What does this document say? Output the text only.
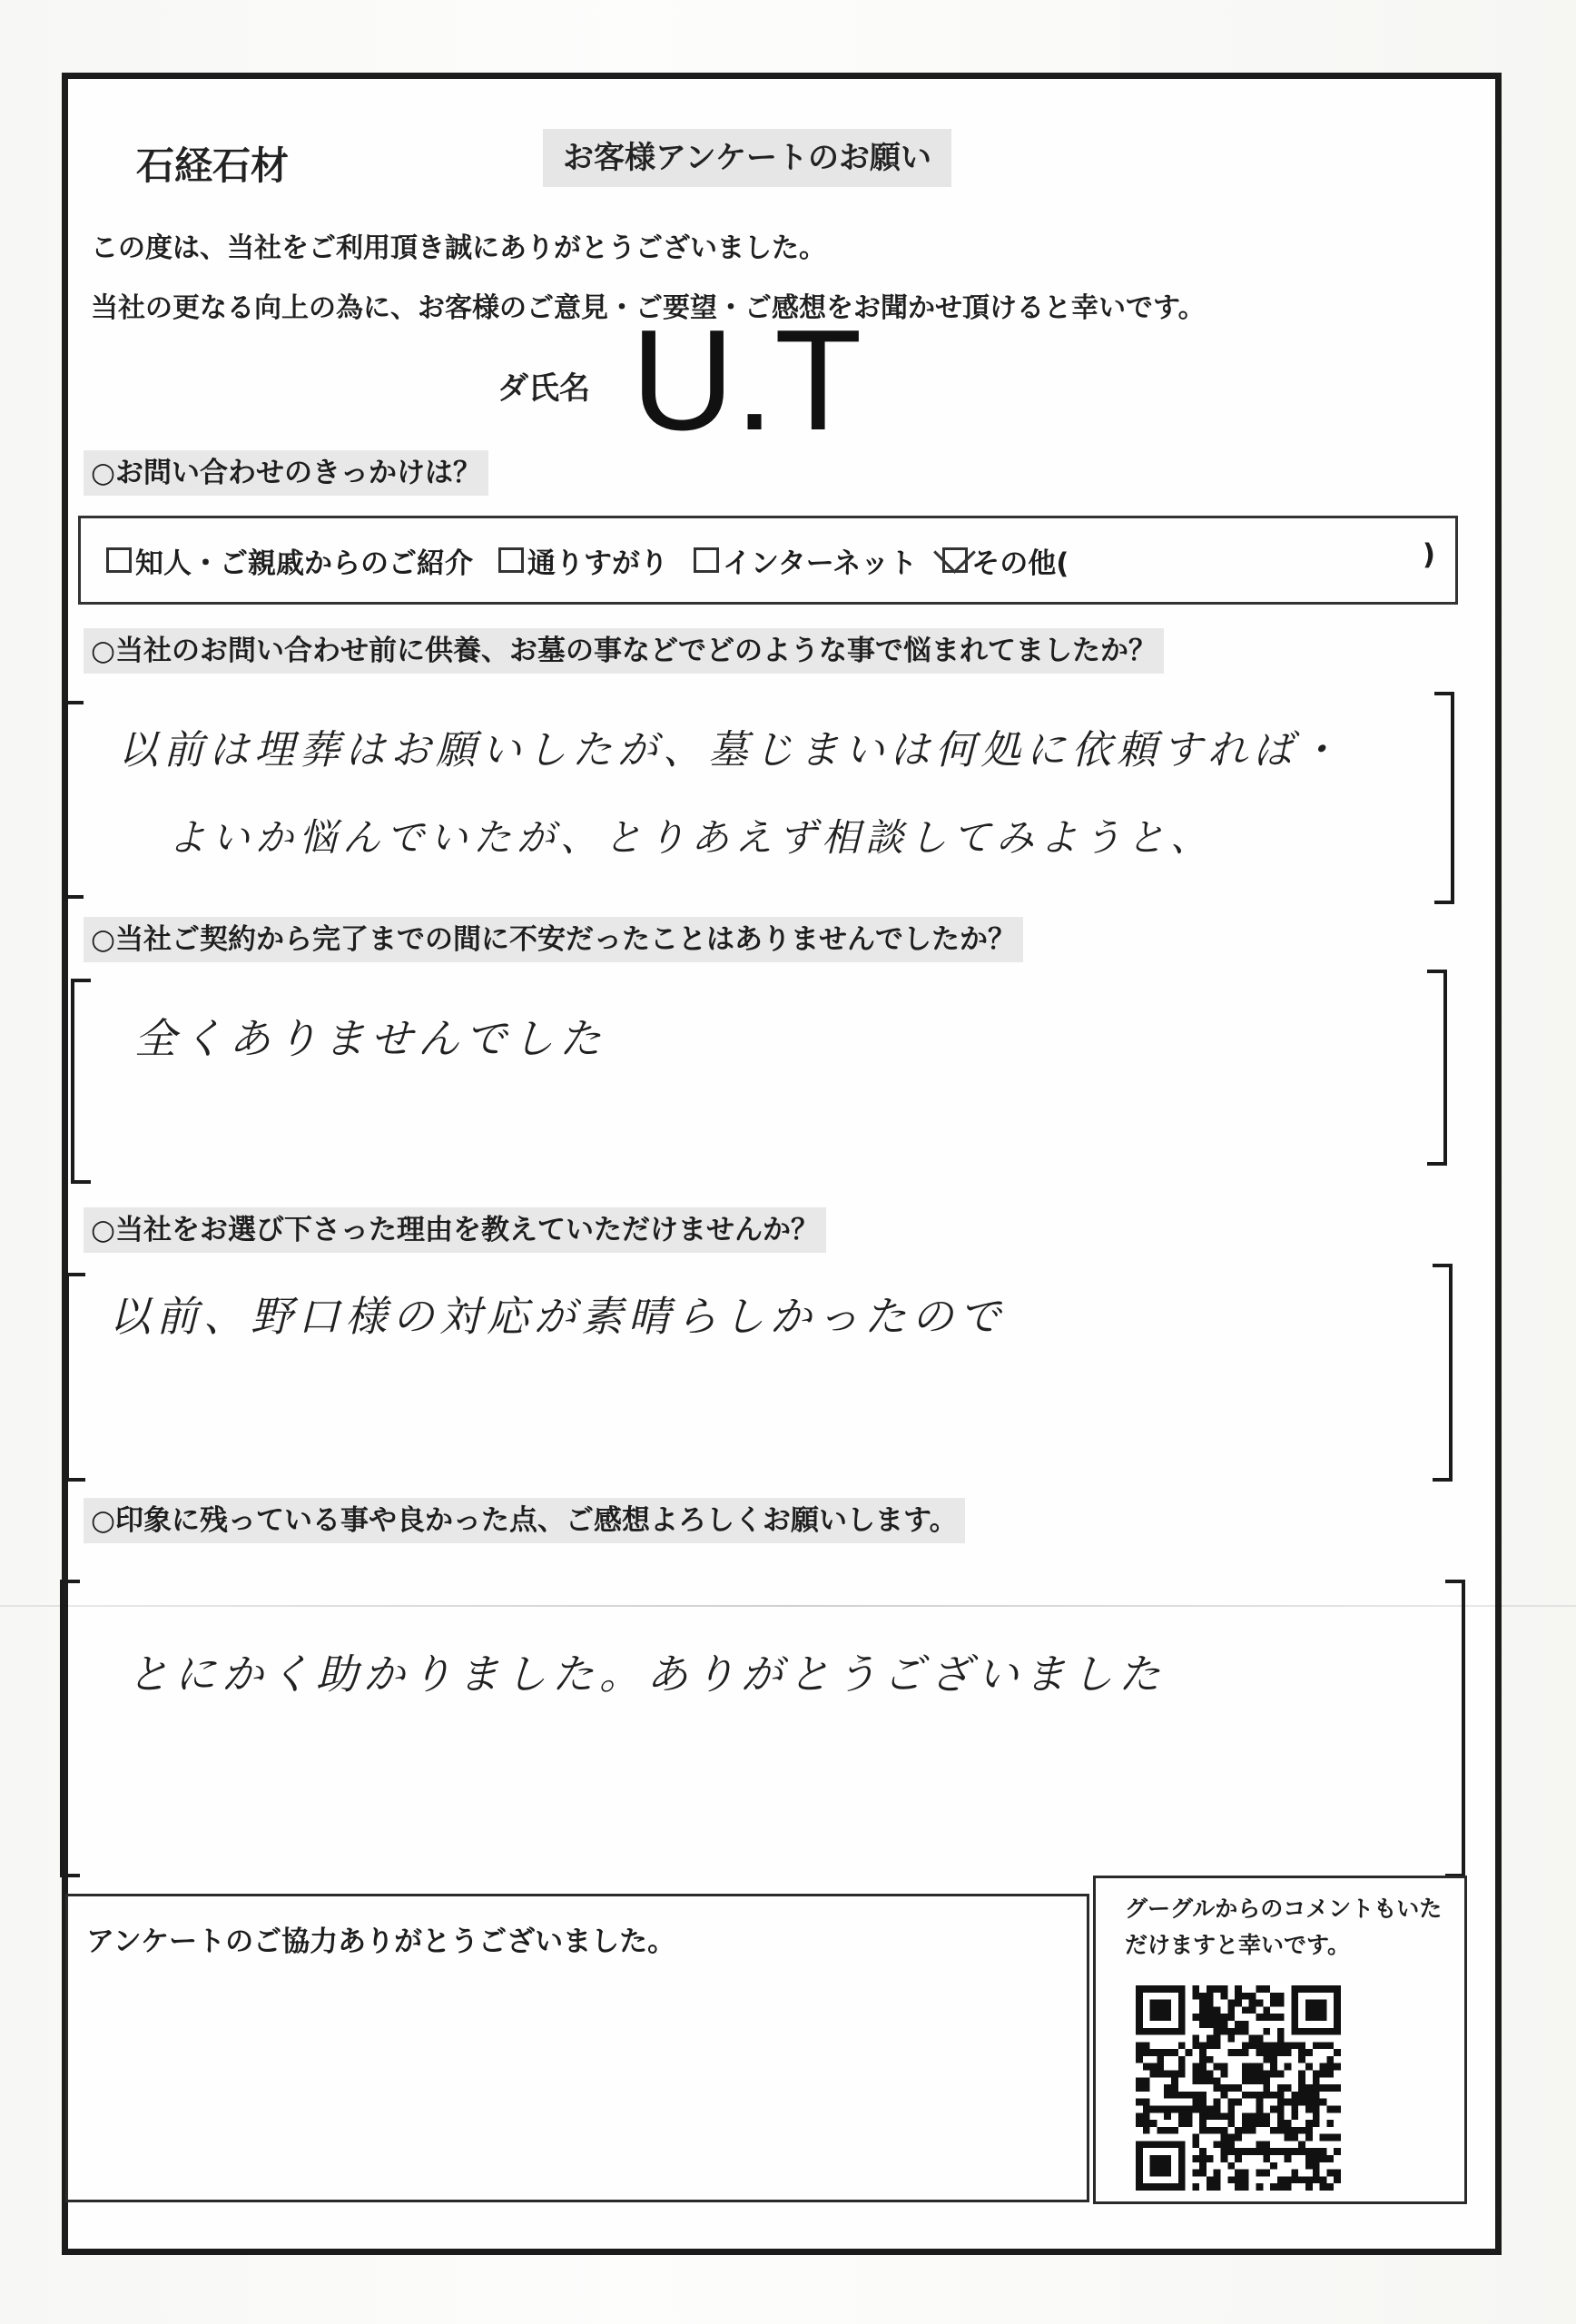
石経石材	お客様アンケートのお願い
この度は、当社をご利用頂き誠にありがとうございました。
当社の更なる向上の為に、お客様のご意見・ご要望・ご感想をお聞かせ頂けると幸いです。
ダ氏名 U.T
○お問い合わせのきっかけは？
知人・ご親戚からのご紹介 通りすがり インターネット その他(	)
○当社のお問い合わせ前に供養、お墓の事などでどのような事で悩まれてましたか？
以前は埋葬はお願いしたが、墓じまいは何処に依頼すれば・
よいか悩んでいたが、とりあえず相談してみようと、
○当社ご契約から完了までの間に不安だったことはありませんでしたか？
全くありませんでした
○当社をお選び下さった理由を教えていただけませんか？
以前、野口様の対応が素晴らしかったので
○印象に残っている事や良かった点、ご感想よろしくお願いします。
とにかく助かりました。ありがとうございました
アンケートのご協力ありがとうございました。
グーグルからのコメントもいただけますと幸いです。
